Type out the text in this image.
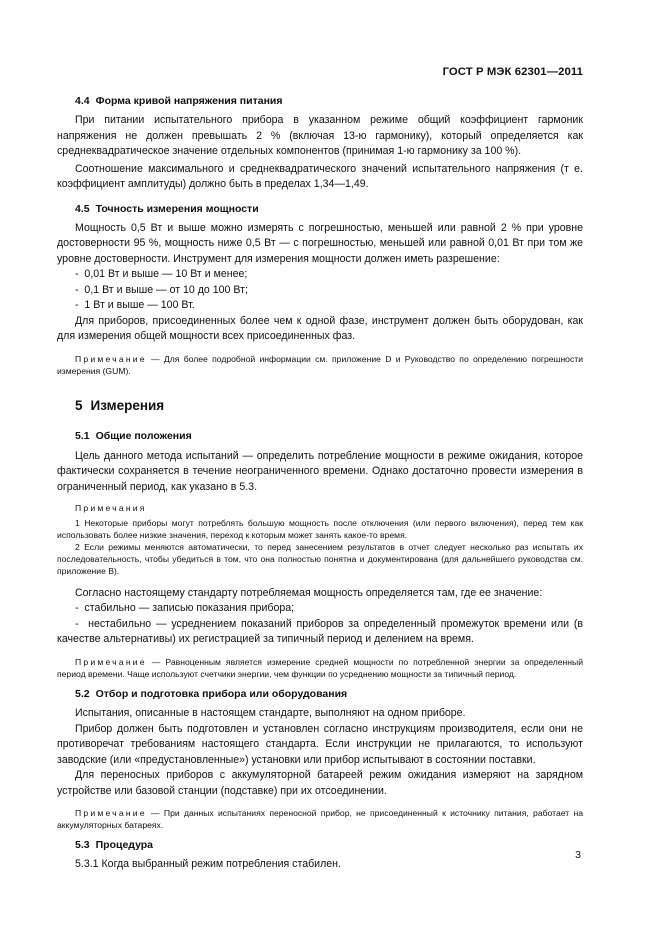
ГОСТ Р МЭК 62301—2011
4.4 Форма кривой напряжения питания

При питании испытательного прибора в указанном режиме общий коэффициент гармоник напряжения не должен превышать 2 % (включая 13-ю гармонику), который определяется как среднеквадратическое значение отдельных компонентов (принимая 1-ю гармонику за 100 %).

Соотношение максимального и среднеквадратического значений испытательного напряжения (т е. коэффициент амплитуды) должно быть в пределах 1,34—1,49.

4.5 Точность измерения мощности

Мощность 0,5 Вт и выше можно измерять с погрешностью, меньшей или равной 2 % при уровне достоверности 95 %, мощность ниже 0,5 Вт — с погрешностью, меньшей или равной 0,01 Вт при том же уровне достоверности. Инструмент для измерения мощности должен иметь разрешение:

-  0,01 Вт и выше — 10 Вт и менее;
-  0,1 Вт и выше — от 10 до 100 Вт;
-  1 Вт и выше — 100 Вт.

Для приборов, присоединенных более чем к одной фазе, инструмент должен быть оборудован, как для измерения общей мощности всех присоединенных фаз.

Примечание — Для более подробной информации см. приложение D и Руководство по определению погрешности измерения (GUM).

5 Измерения
5.1 Общие положения

Цель данного метода испытаний — определить потребление мощности в режиме ожидания, которое фактически сохраняется в течение неограниченного времени. Однако достаточно провести измерения в ограниченный период, как указано в 5.3.

Примечания

1 Некоторые приборы могут потреблять большую мощность после отключения (или первого включения), перед тем как использовать более низкие значения, переход к которым может занять какое-то время.

2 Если режимы меняются автоматически, то перед занесением результатов в отчет следует несколько раз испытать их последовательность, чтобы убедиться в том, что она полностью понятна и документирована (для дальнейшего руководства см. приложение В).

Согласно настоящему стандарту потребляемая мощность определяется там, где ее значение:

-  стабильно — записью показания прибора;
-  нестабильно — усреднением показаний приборов за определенный промежуток времени или (в качестве альтернативы) их регистрацией за типичный период и делением на время.

Примечание — Равноценным является измерение средней мощности по потребленной энергии за определенный период времени. Чаще используют счетчики энергии, чем функции по усреднению мощности за типичный период.

5.2 Отбор и подготовка прибора или оборудования

Испытания, описанные в настоящем стандарте, выполняют на одном приборе.

Прибор должен быть подготовлен и установлен согласно инструкциям производителя, если они не противоречат требованиям настоящего стандарта. Если инструкции не прилагаются, то используют заводские (или «предустановленные») установки или прибор испытывают в состоянии поставки.

Для переносных приборов с аккумуляторной батареей режим ожидания измеряют на зарядном устройстве или базовой станции (подставке) при их отсоединении.

Примечание — При данных испытаниях переносной прибор, не присоединенный к источнику питания, работает на аккумуляторных батареях.

5.3 Процедура

5.3.1 Когда выбранный режим потребления стабилен.

3
